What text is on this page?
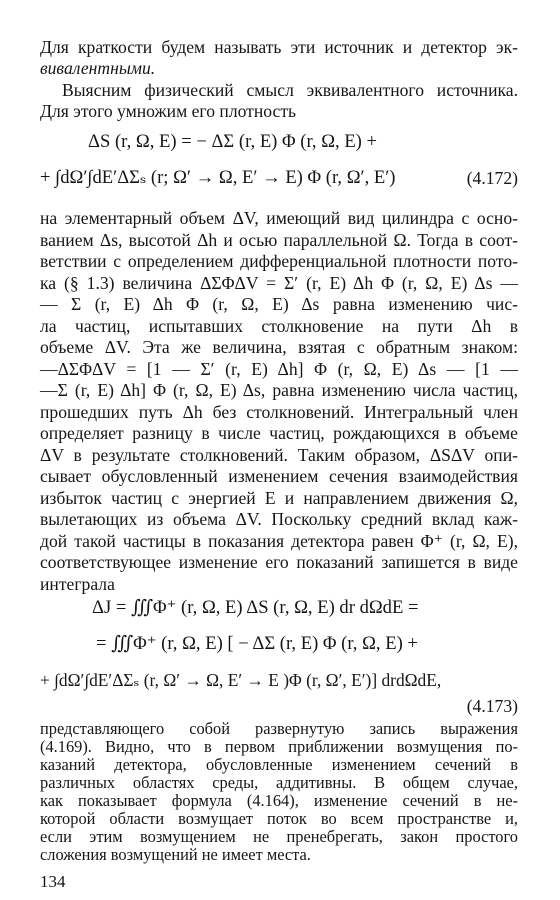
Для краткости будем называть эти источник и детектор эк-
вивалентными.
Выясним физический смысл эквивалентного источника.
Для этого умножим его плотность
ΔS (r, Ω, E) = − ΔΣ (r, E) Φ (r, Ω, E) +
+ ∫dΩ′∫dE′ΔΣₛ (r; Ω′ → Ω, E′ → E) Φ (r, Ω′, E′)	(4.172)
на элементарный объем ΔV, имеющий вид цилиндра с осно-
ванием Δs, высотой Δh и осью параллельной Ω. Тогда в соот-
ветствии с определением дифференциальной плотности пото-
ка (§ 1.3) величина ΔΣΦΔV = Σ′ (r, E) Δh Φ (r, Ω, E) Δs —
— Σ (r, E) Δh Φ (r, Ω, E) Δs равна изменению чис-
ла частиц, испытавших столкновение на пути Δh в
объеме ΔV. Эта же величина, взятая с обратным знаком:
—ΔΣΦΔV = [1 — Σ′ (r, E) Δh] Φ (r, Ω, E) Δs — [1 —
—Σ (r, E) Δh] Φ (r, Ω, E) Δs, равна изменению числа частиц,
прошедших путь Δh без столкновений. Интегральный член
определяет разницу в числе частиц, рождающихся в объеме
ΔV в результате столкновений. Таким образом, ΔSΔV опи-
сывает обусловленный изменением сечения взаимодействия
избыток частиц с энергией E и направлением движения Ω,
вылетающих из объема ΔV. Поскольку средний вклад каж-
дой такой частицы в показания детектора равен Φ⁺ (r, Ω, E),
соответствующее изменение его показаний запишется в виде
интеграла
ΔJ = ∭Φ⁺ (r, Ω, E) ΔS (r, Ω, E) dr dΩdE =
= ∭Φ⁺ (r, Ω, E) [ − ΔΣ (r, E) Φ (r, Ω, E) +
+ ∫dΩ′∫dE′ΔΣₛ (r, Ω′ → Ω, E′ → E )Φ (r, Ω′, E′)] drdΩdE,
(4.173)
представляющего собой развернутую запись выражения
(4.169). Видно, что в первом приближении возмущения по-
казаний детектора, обусловленные изменением сечений в
различных областях среды, аддитивны. В общем случае,
как показывает формула (4.164), изменение сечений в не-
134
которой области возмущает поток во всем пространстве и,
если этим возмущением не пренебрегать, закон простого
сложения возмущений не имеет места.
